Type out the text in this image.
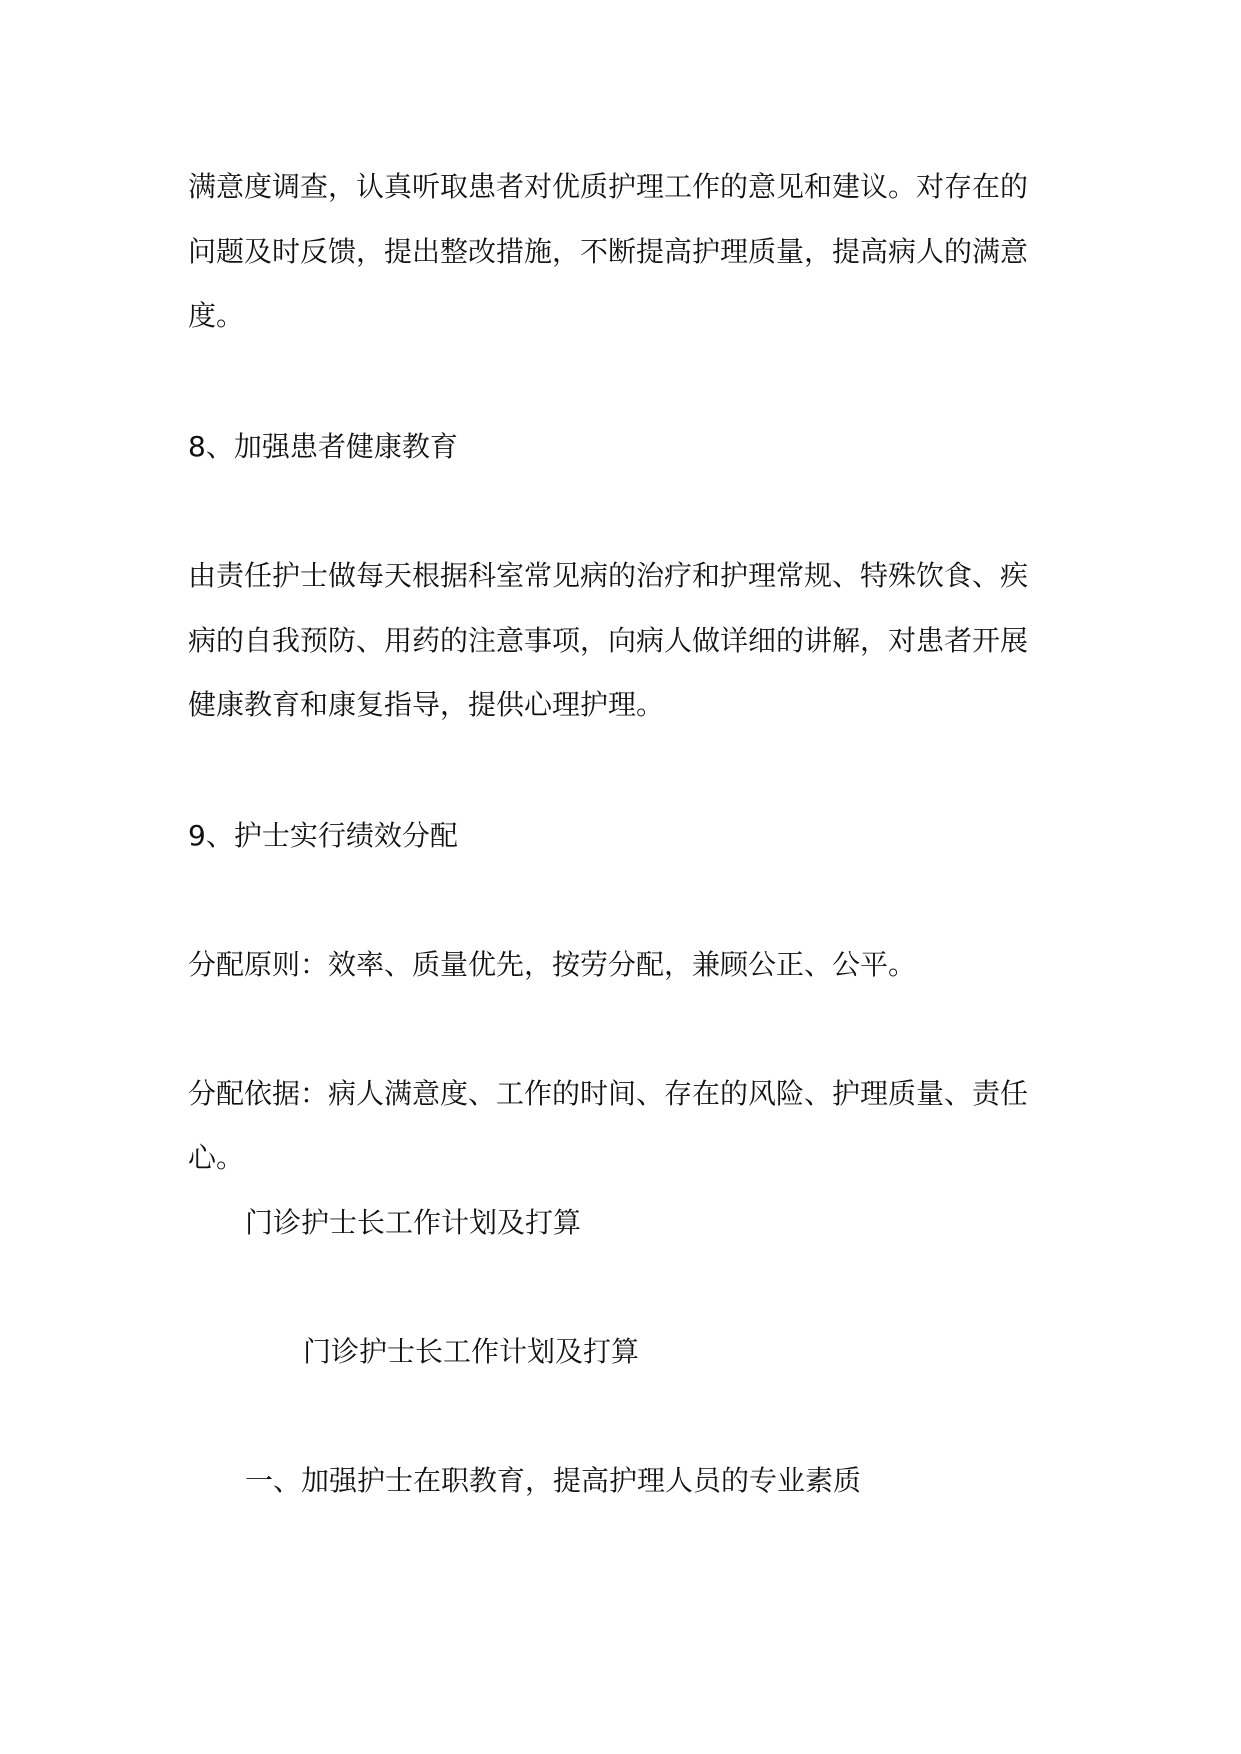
满意度调查，认真听取患者对优质护理工作的意见和建议。对存在的
问题及时反馈，提出整改措施，不断提高护理质量，提高病人的满意
度。
8、加强患者健康教育
由责任护士做每天根据科室常见病的治疗和护理常规、特殊饮食、疾
病的自我预防、用药的注意事项，向病人做详细的讲解，对患者开展
健康教育和康复指导，提供心理护理。
9、护士实行绩效分配
分配原则：效率、质量优先，按劳分配，兼顾公正、公平。
分配依据：病人满意度、工作的时间、存在的风险、护理质量、责任
心。
门诊护士长工作计划及打算
门诊护士长工作计划及打算
一、加强护士在职教育，提高护理人员的专业素质
